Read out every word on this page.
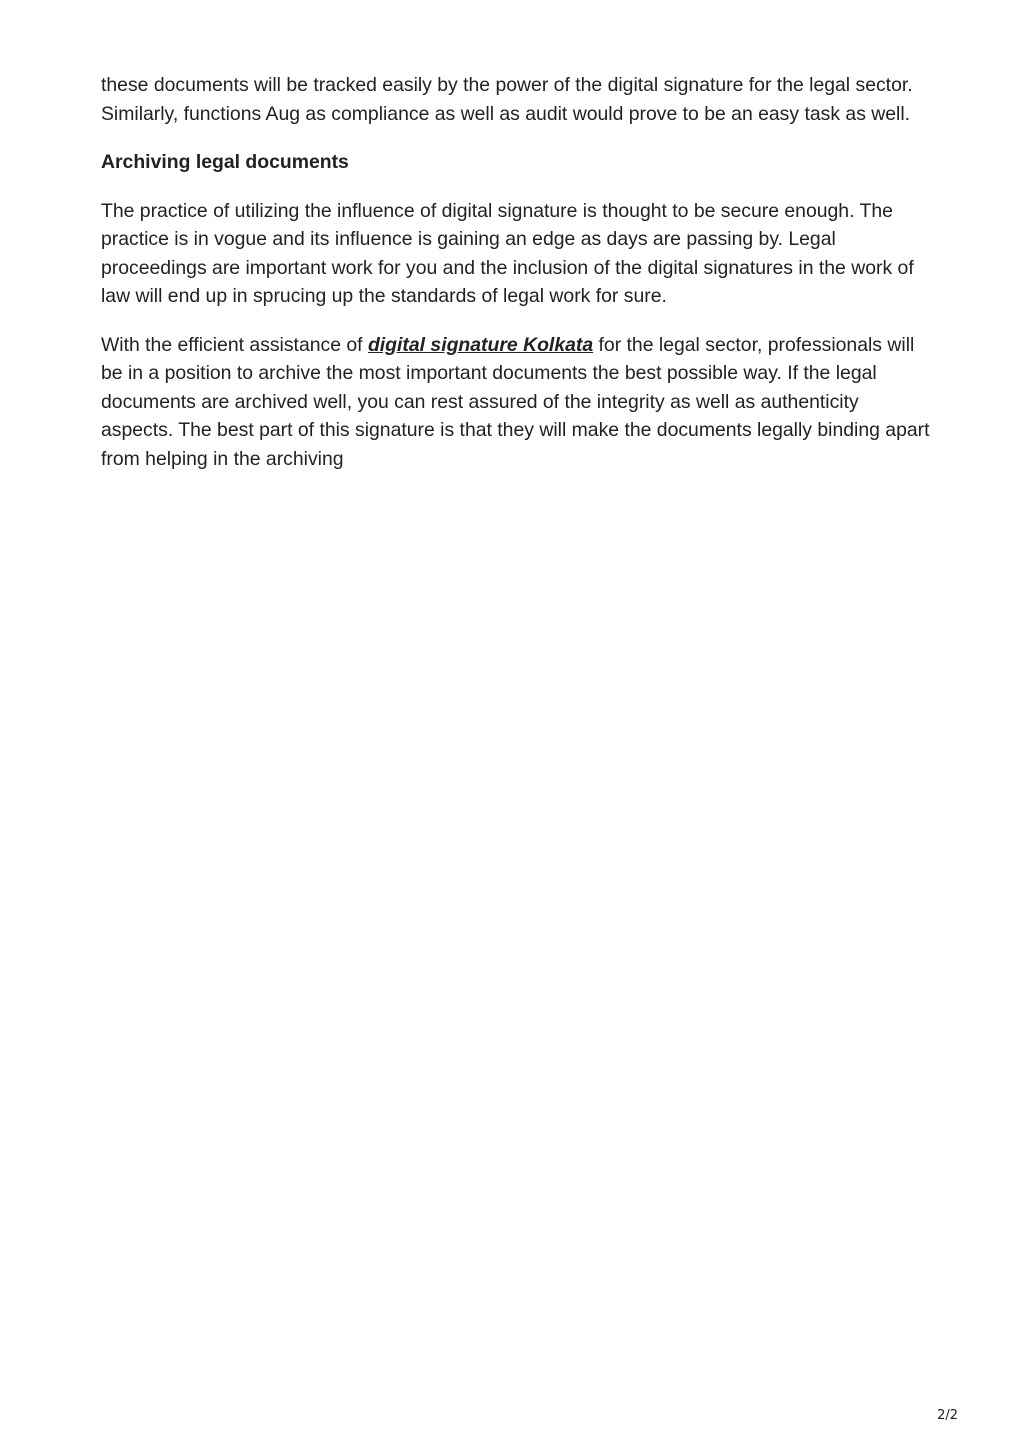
these documents will be tracked easily by the power of the digital signature for the legal sector. Similarly, functions Aug as compliance as well as audit would prove to be an easy task as well.

Archiving legal documents

The practice of utilizing the influence of digital signature is thought to be secure enough. The practice is in vogue and its influence is gaining an edge as days are passing by. Legal proceedings are important work for you and the inclusion of the digital signatures in the work of law will end up in sprucing up the standards of legal work for sure.

With the efficient assistance of digital signature Kolkata for the legal sector, professionals will be in a position to archive the most important documents the best possible way. If the legal documents are archived well, you can rest assured of the integrity as well as authenticity aspects. The best part of this signature is that they will make the documents legally binding apart from helping in the archiving

2/2
